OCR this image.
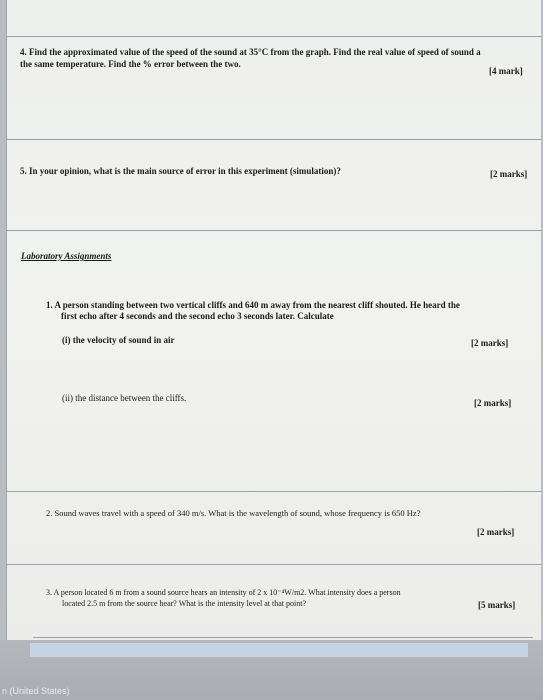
4. Find the approximated value of the speed of the sound at 35°C from the graph. Find the real value of speed of sound a
the same temperature. Find the % error between the two.
[4 mark]
5. In your opinion, what is the main source of error in this experiment (simulation)?	[2 marks]
Laboratory Assignments
1. A person standing between two vertical cliffs and 640 m away from the nearest cliff shouted. He heard the
first echo after 4 seconds and the second echo 3 seconds later. Calculate
(i) the velocity of sound in air	[2 marks]
(ii) the distance between the cliffs.	[2 marks]
2. Sound waves travel with a speed of 340 m/s. What is the wavelength of sound, whose frequency is 650 Hz?
[2 marks]
3. A person located 6 m from a sound source hears an intensity of 2 x 10⁻⁴W/m2. What intensity does a person
located 2.5 m from the source hear? What is the intensity level at that point?	[5 marks]
n (United States)
